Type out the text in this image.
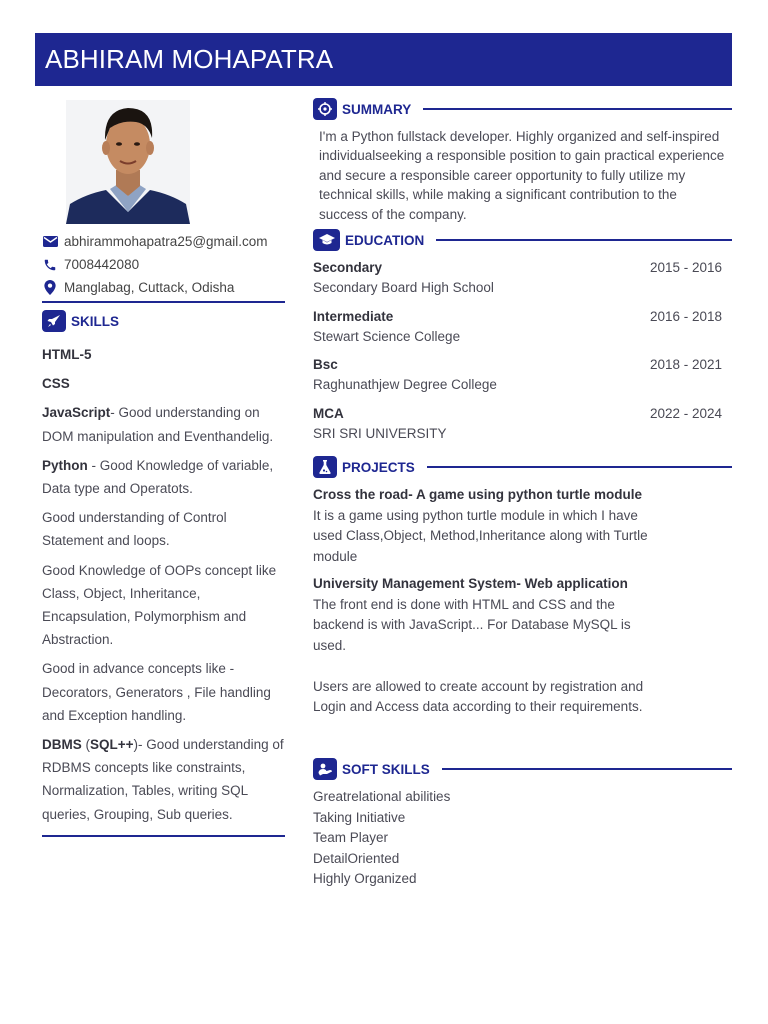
ABHIRAM MOHAPATRA
abhirammohapatra25@gmail.com
7008442080
Manglabag, Cuttack, Odisha
SKILLS
HTML-5
CSS
JavaScript- Good understanding on DOM manipulation and Eventhandelig.
Python - Good Knowledge of variable, Data type and Operatots.
Good understanding of Control Statement and loops.
Good Knowledge of OOPs concept like Class, Object, Inheritance, Encapsulation, Polymorphism and Abstraction.
Good in advance concepts like - Decorators, Generators , File handling and Exception handling.
DBMS (SQL++)- Good understanding of RDBMS concepts like constraints, Normalization, Tables, writing SQL queries, Grouping, Sub queries.
SUMMARY
I'm a Python fullstack developer. Highly organized and self-inspired individualseeking a responsible position to gain practical experience and secure a responsible career opportunity to fully utilize my technical skills, while making a significant contribution to the success of the company.
EDUCATION
Secondary	2015 - 2016
Secondary Board High School
Intermediate	2016 - 2018
Stewart Science College
Bsc	2018 - 2021
Raghunathjew Degree College
MCA	2022 - 2024
SRI SRI UNIVERSITY
PROJECTS
Cross the road- A game using python turtle module
It is a game using python turtle module in which I have used Class,Object, Method,Inheritance along with Turtle module
University Management System- Web application
The front end is done with HTML and CSS and the backend is with JavaScript... For Database MySQL is used.
Users are allowed to create account by registration and Login and Access data according to their requirements.
SOFT SKILLS
Greatrelational abilities
Taking Initiative
Team Player
DetailOriented
Highly Organized
